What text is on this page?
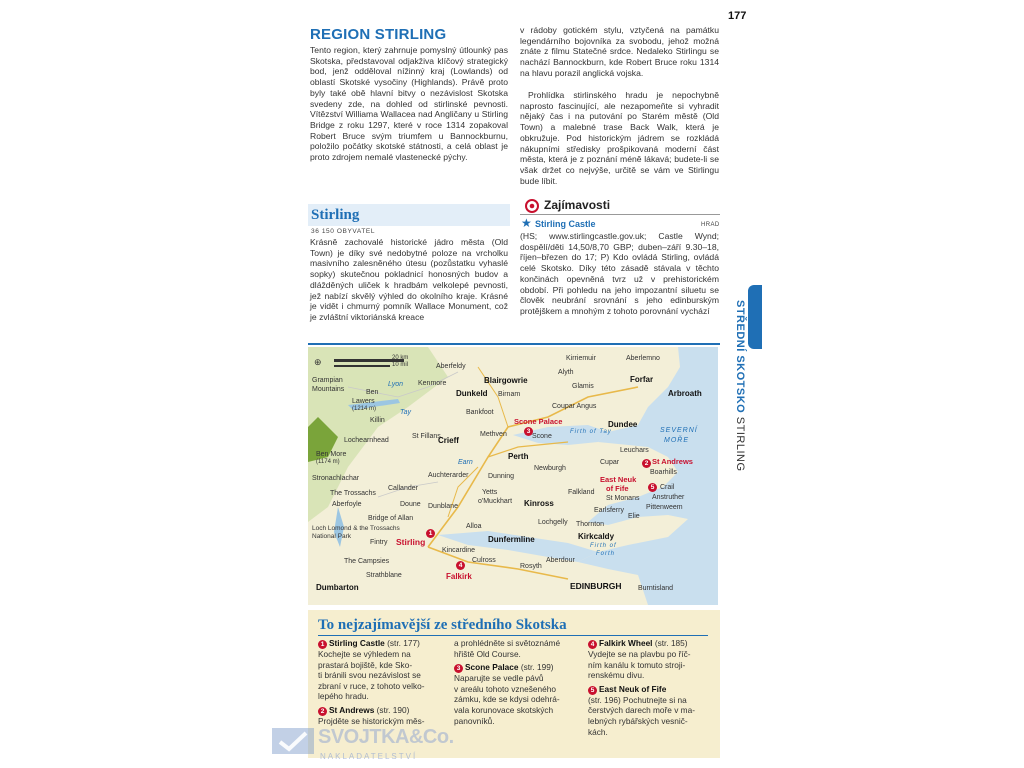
177
REGION STIRLING
Tento region, který zahrnuje pomyslný útlounký pas Skotska, představoval odjakživa klíčový strategický bod, jenž odděloval nížinný kraj (Lowlands) od oblastí Skotské vysočiny (Highlands). Právě proto byly také obě hlavní bitvy o nezávislost Skotska svedeny zde, na dohled od stirlinské pevnosti. Vítězství Williama Wallacea nad Angličany u Stirling Bridge z roku 1297, které v roce 1314 zopakoval Robert Bruce svým triumfem u Bannockburnu, položilo počátky skotské státnosti, a celá oblast je proto zdrojem nemalé vlastenecké pýchy.
Stirling
36 150 OBYVATEL
Krásně zachovalé historické jádro města (Old Town) je díky své nedobytné poloze na vrcholku masivního zalesněného útesu (pozůstatku vyhaslé sopky) skutečnou pokladnicí honosných budov a dlážděných uliček k hradbám velkolepé pevnosti, jež nabízí skvělý výhled do okolního kraje. Krásné je vidět i chmurný pomník Wallace Monument, což je zvláštní viktoriánská kreace
v rádoby gotickém stylu, vztyčená na památku legendárního bojovníka za svobodu, jehož možná znáte z filmu Statečné srdce. Nedaleko Stirlingu se nachází Bannockburn, kde Robert Bruce roku 1314 na hlavu porazil anglická vojska.
Prohlídka stirlinského hradu je nepochybně naprosto fascinující, ale nezapomeňte si vyhradit nějaký čas i na putování po Starém městě (Old Town) a malebné trase Back Walk, která je obkružuje. Pod historickým jádrem se rozkládá nákupními středisky prošpikovaná moderní část města, která je z poznání méně lákavá; budete-li se však držet co nejvýše, určitě se vám ve Stirlingu bude líbit.
Zajímavosti
★ Stirling Castle	HRAD
(HS; www.stirlingcastle.gov.uk; Castle Wynd; dospělí/děti 14,50/8,70 GBP; duben–září 9.30–18, říjen–březen do 17; P) Kdo ovládá Stirling, ovládá celé Skotsko. Díky této zásadě stávala v těchto končinách opevněná tvrz už v prehistorickém období. Při pohledu na jeho impozantní siluetu se člověk neubrání srovnání s jeho edinburským protějškem a mnohým z tohoto porovnání vychází	STŘEDNÍ SKOTSKO STIRLING
⊕	20 km
10 mil
SEVERNÍ
MOŘE
Firth of Tay
Firth of
Forth
Aberfeldy
Kirriemuir	Aberlemno
Grampian
Mountains
Kenmore	Blairgowrie
Alyth
Glamis
Forfar
Arbroath
Ben
Lawers
(1214 m)
Dunkeld Birnam
Coupar Angus
Killin
Bankfoot
Scone Palace
Scone
Dundee
Lochearnhead
St Fillans
Crieff
Methven
Leuchars
St Andrews
Ben More
(1174 m)
Perth
Newburgh
Cupar
Boarhills
Stronachlachar	Auchterarder	Dunning	East Neuk
of Fife	Crail
Callander
The Trossachs	Yetts
o'Muckhart Kinross
Falkland
St Monans Anstruther
Pittenweem
Aberfoyle	Doune Dunblane
Earlsferry
Elie
Bridge of Allan
Alloa
Lochgelly Thornton
Loch Lomond & the Trossachs
National Park
Fintry Stirling	Dunfermline	Kirkcaldy
Kincardine
The Campsies	Culross
Rosyth
Aberdour
Falkirk
Strathblane
Dumbarton	EDINBURGH Burntisland
Tay
Lyon
Earn
3
2
5
1
4
To nejzajímavější ze středního Skotska
1 Stirling Castle (str. 177)
Kochejte se výhledem na
prastará bojiště, kde Sko-
ti bránili svou nezávislost se
zbraní v ruce, z tohoto velko-
lepého hradu.
2 St Andrews (str. 190)
Projděte se historickým měs-
a prohlédněte si světoznámé
hřiště Old Course.
3 Scone Palace (str. 199)
Naparujte se vedle pávů
v areálu tohoto vznešeného
zámku, kde se kdysi odehrá-
vala korunovace skotských
panovníků.
4 Falkirk Wheel (str. 185)
Vydejte se na plavbu po říč-
ním kanálu k tomuto stroji-
renskému divu.
5 East Neuk of Fife
(str. 196) Pochutnejte si na
čerstvých darech moře v ma-
lebných rybářských vesnič-
kách.
SVOJTKA&Co.
NAKLADATELSTVÍ
